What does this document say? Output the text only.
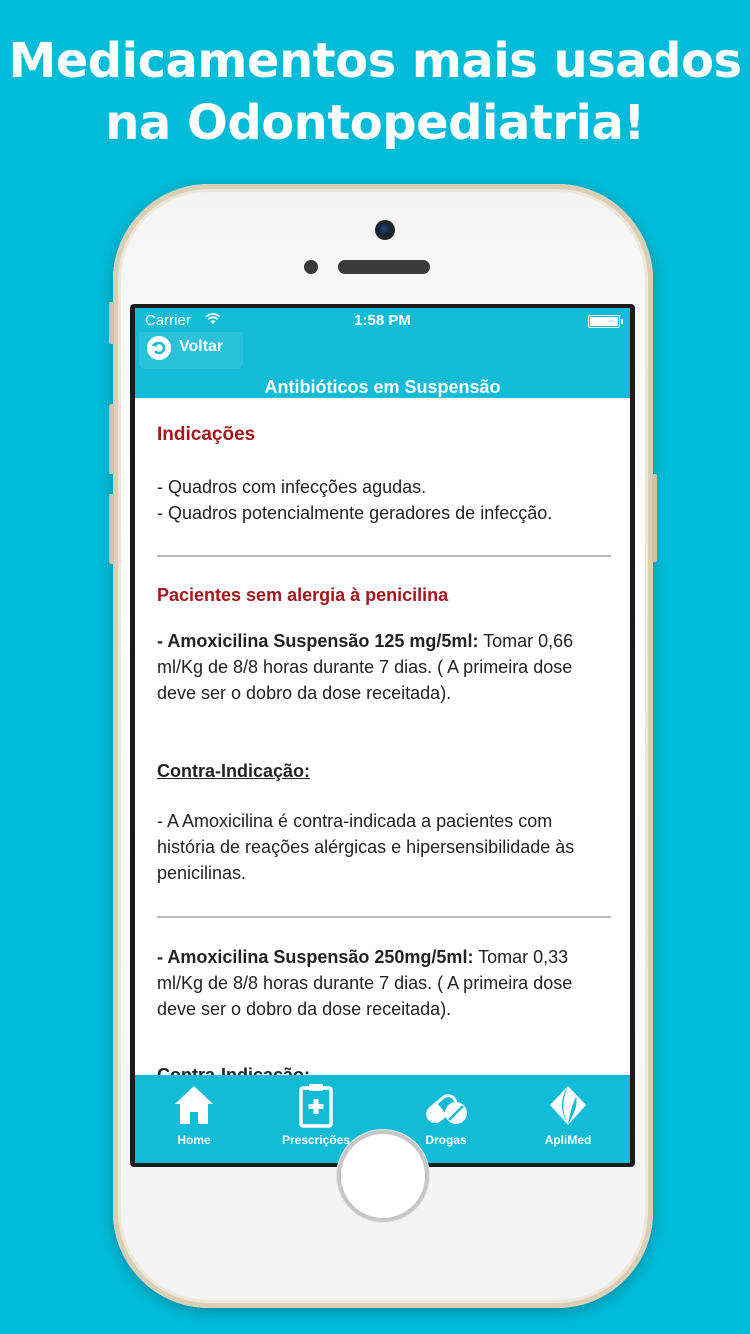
Medicamentos mais usados
na Odontopediatria!
Carrier	1:58 PM
Voltar
Antibióticos em Suspensão
Indicações
- Quadros com infecções agudas.
- Quadros potencialmente geradores de infecção.
Pacientes sem alergia à penicilina
- Amoxicilina Suspensão 125 mg/5ml: Tomar 0,66 ml/Kg de 8/8 horas durante 7 dias. ( A primeira dose deve ser o dobro da dose receitada).
Contra-Indicação:
- A Amoxicilina é contra-indicada a pacientes com história de reações alérgicas e hipersensibilidade às penicilinas.
- Amoxicilina Suspensão 250mg/5ml: Tomar 0,33 ml/Kg de 8/8 horas durante 7 dias. ( A primeira dose deve ser o dobro da dose receitada).
Home	Prescrições	Drogas	ApliMed
